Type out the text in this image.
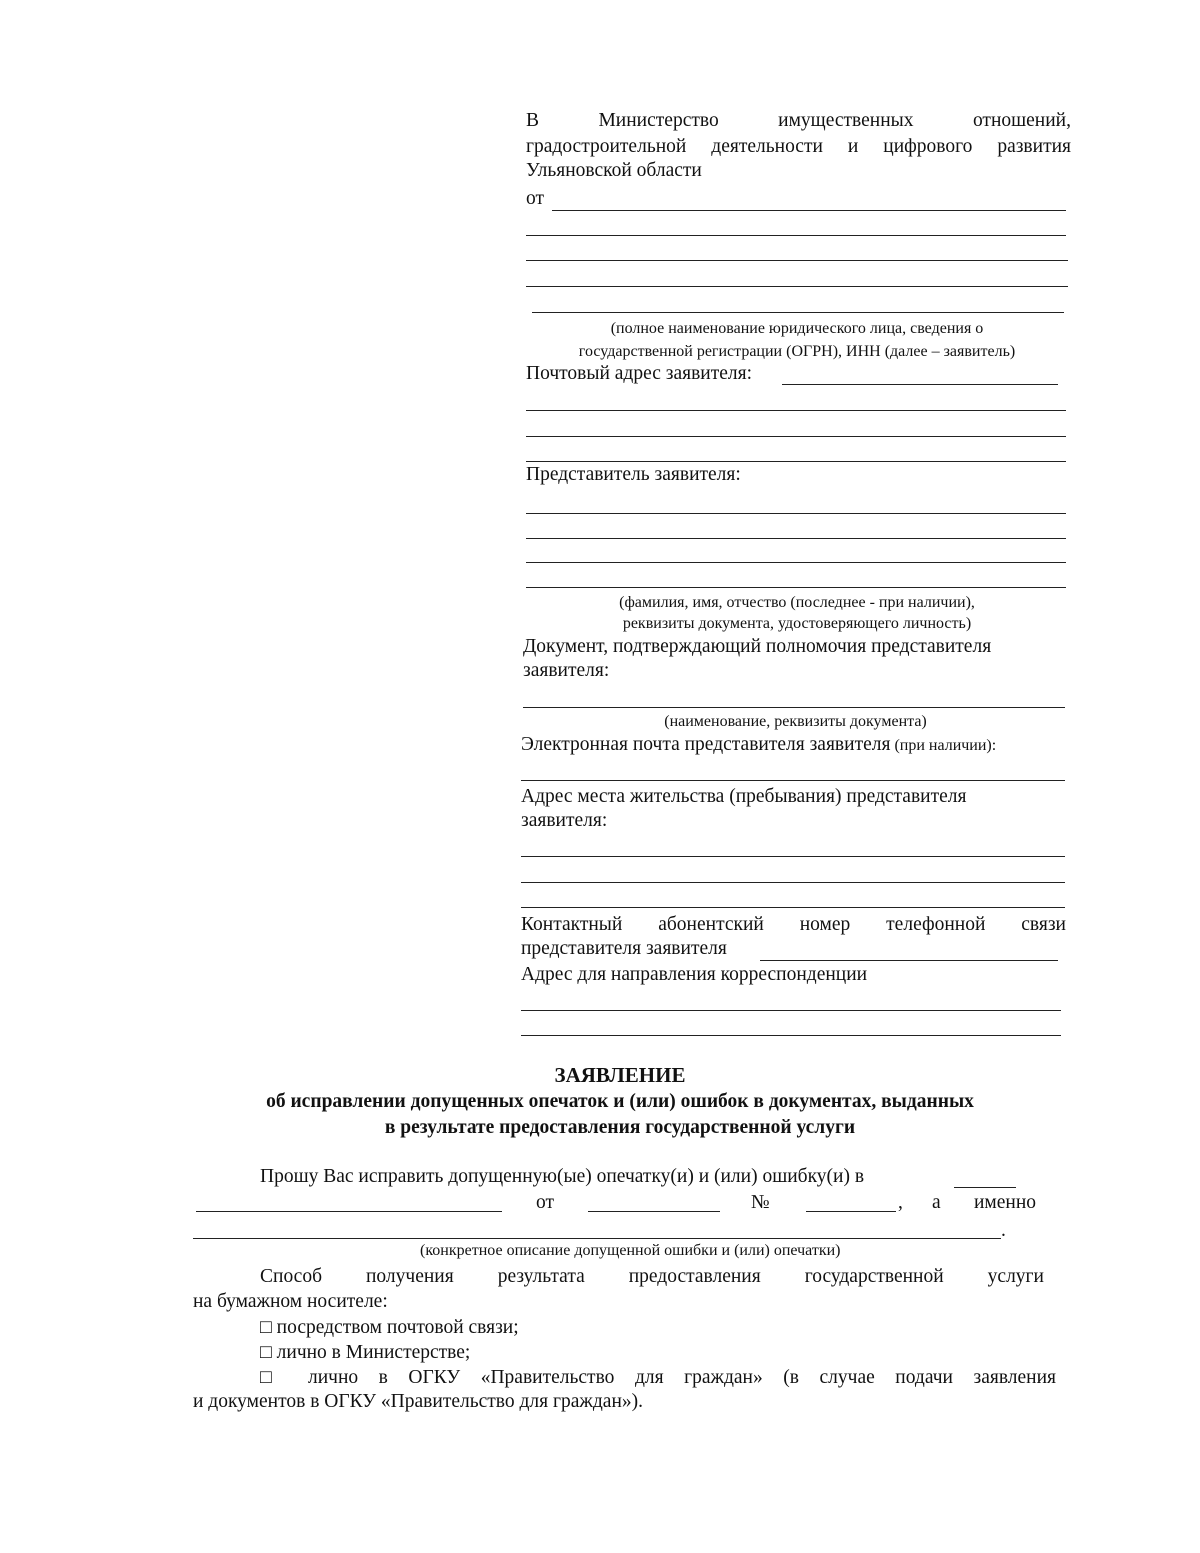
В Министерство имущественных отношений,
градостроительной деятельности и цифрового развития
Ульяновской области
от
(полное наименование юридического лица, сведения о
государственной регистрации (ОГРН), ИНН (далее – заявитель)
Почтовый адрес заявителя:
Представитель заявителя:
(фамилия, имя, отчество (последнее - при наличии),
реквизиты документа, удостоверяющего личность)
Документ, подтверждающий полномочия представителя
заявителя:
(наименование, реквизиты документа)
Электронная почта представителя заявителя (при наличии):
Адрес места жительства (пребывания) представителя
заявителя:
Контактный абонентский номер телефонной связи
представителя заявителя
Адрес для направления корреспонденции
ЗАЯВЛЕНИЕ
об исправлении допущенных опечаток и (или) ошибок в документах, выданных
в результате предоставления государственной услуги
Прошу Вас исправить допущенную(ые) опечатку(и) и (или) ошибку(и) в
от	№	, а именно
.
(конкретное описание допущенной ошибки и (или) опечатки)
Способ получения результата предоставления государственной услуги
на бумажном носителе:
□ посредством почтовой связи;
□ лично в Министерстве;
□ лично в ОГКУ «Правительство для граждан» (в случае подачи заявления
и документов в ОГКУ «Правительство для граждан»).
